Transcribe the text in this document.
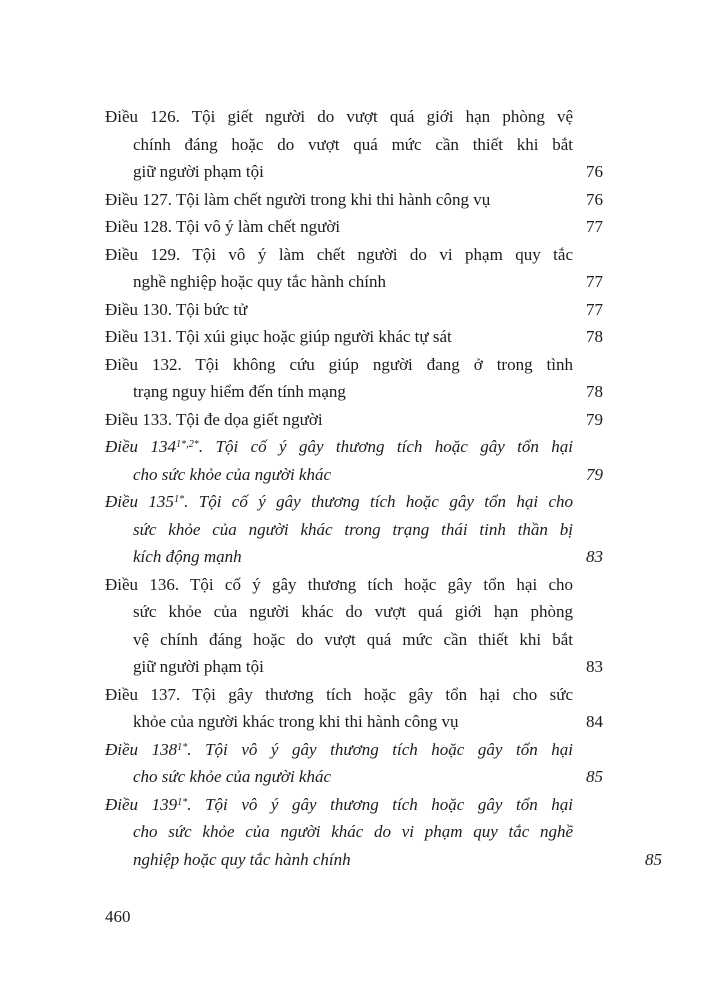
Điều 126. Tội giết người do vượt quá giới hạn phòng vệ
chính đáng hoặc do vượt quá mức cần thiết khi bắt
giữ người phạm tội	76
Điều 127. Tội làm chết người trong khi thi hành công vụ	76
Điều 128. Tội vô ý làm chết người	77
Điều 129. Tội vô ý làm chết người do vi phạm quy tắc
nghề nghiệp hoặc quy tắc hành chính	77
Điều 130. Tội bức tử	77
Điều 131. Tội xúi giục hoặc giúp người khác tự sát	78
Điều 132. Tội không cứu giúp người đang ở trong tình
trạng nguy hiểm đến tính mạng	78
Điều 133. Tội đe dọa giết người	79
Điều $134^{1*,2*}$. Tội cố ý gây thương tích hoặc gây tổn hại
cho sức khỏe của người khác	79
Điều $135^{1*}$. Tội cố ý gây thương tích hoặc gây tổn hại cho
sức khỏe của người khác trong trạng thái tinh thần bị
kích động mạnh	83
Điều 136. Tội cố ý gây thương tích hoặc gây tổn hại cho
sức khỏe của người khác do vượt quá giới hạn phòng
vệ chính đáng hoặc do vượt quá mức cần thiết khi bắt
giữ người phạm tội	83
Điều 137. Tội gây thương tích hoặc gây tổn hại cho sức
khỏe của người khác trong khi thi hành công vụ	84
Điều $138^{1*}$. Tội vô ý gây thương tích hoặc gây tổn hại
cho sức khỏe của người khác	85
Điều $139^{1*}$. Tội vô ý gây thương tích hoặc gây tổn hại
cho sức khỏe của người khác do vi phạm quy tắc nghề
nghiệp hoặc quy tắc hành chính	85
460
